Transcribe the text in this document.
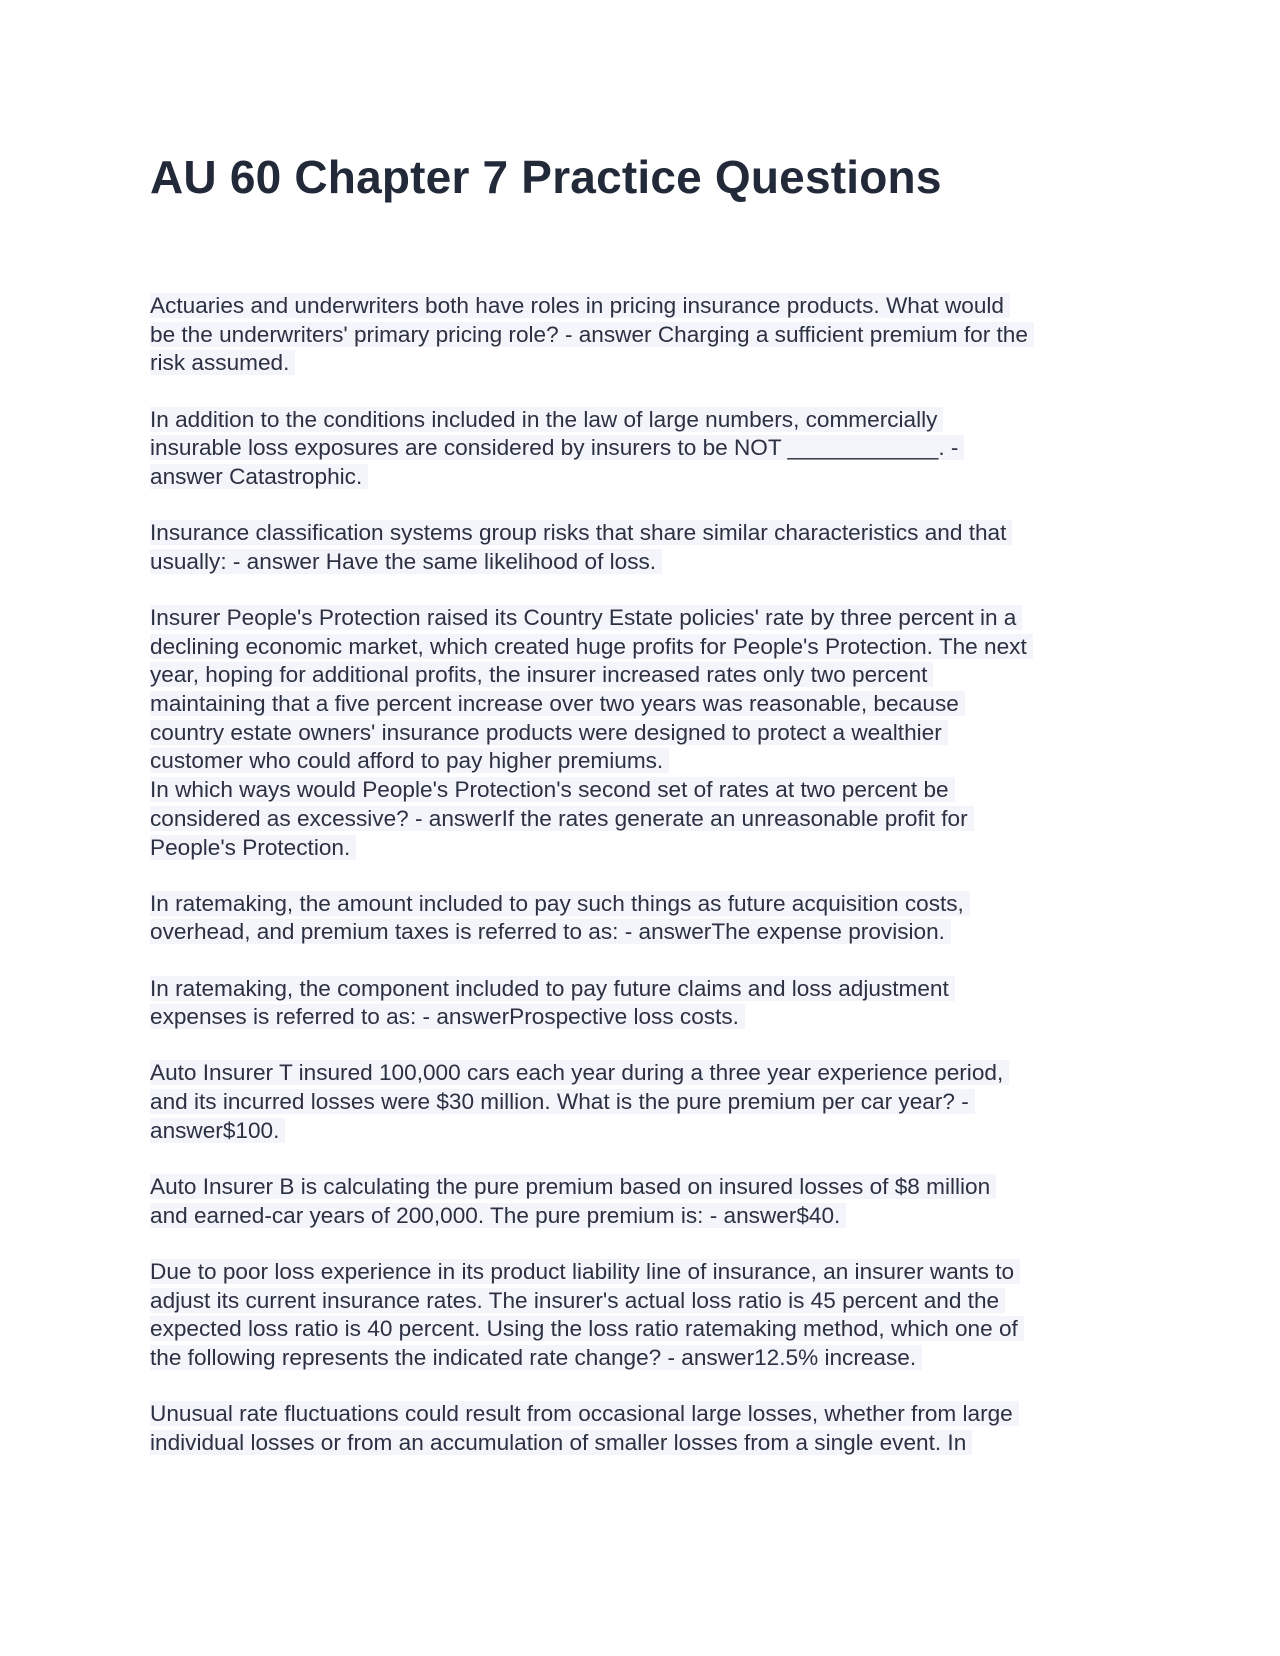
AU 60 Chapter 7 Practice Questions
Actuaries and underwriters both have roles in pricing insurance products. What would
be the underwriters' primary pricing role? - answer Charging a sufficient premium for the
risk assumed.
In addition to the conditions included in the law of large numbers, commercially
insurable loss exposures are considered by insurers to be NOT ____________. -
answer Catastrophic.
Insurance classification systems group risks that share similar characteristics and that
usually: - answer Have the same likelihood of loss.
Insurer People's Protection raised its Country Estate policies' rate by three percent in a
declining economic market, which created huge profits for People's Protection. The next
year, hoping for additional profits, the insurer increased rates only two percent
maintaining that a five percent increase over two years was reasonable, because
country estate owners' insurance products were designed to protect a wealthier
customer who could afford to pay higher premiums.
In which ways would People's Protection's second set of rates at two percent be
considered as excessive? - answerIf the rates generate an unreasonable profit for
People's Protection.
In ratemaking, the amount included to pay such things as future acquisition costs,
overhead, and premium taxes is referred to as: - answerThe expense provision.
In ratemaking, the component included to pay future claims and loss adjustment
expenses is referred to as: - answerProspective loss costs.
Auto Insurer T insured 100,000 cars each year during a three year experience period,
and its incurred losses were $30 million. What is the pure premium per car year? -
answer$100.
Auto Insurer B is calculating the pure premium based on insured losses of $8 million
and earned-car years of 200,000. The pure premium is: - answer$40.
Due to poor loss experience in its product liability line of insurance, an insurer wants to
adjust its current insurance rates. The insurer's actual loss ratio is 45 percent and the
expected loss ratio is 40 percent. Using the loss ratio ratemaking method, which one of
the following represents the indicated rate change? - answer12.5% increase.
Unusual rate fluctuations could result from occasional large losses, whether from large
individual losses or from an accumulation of smaller losses from a single event. In
